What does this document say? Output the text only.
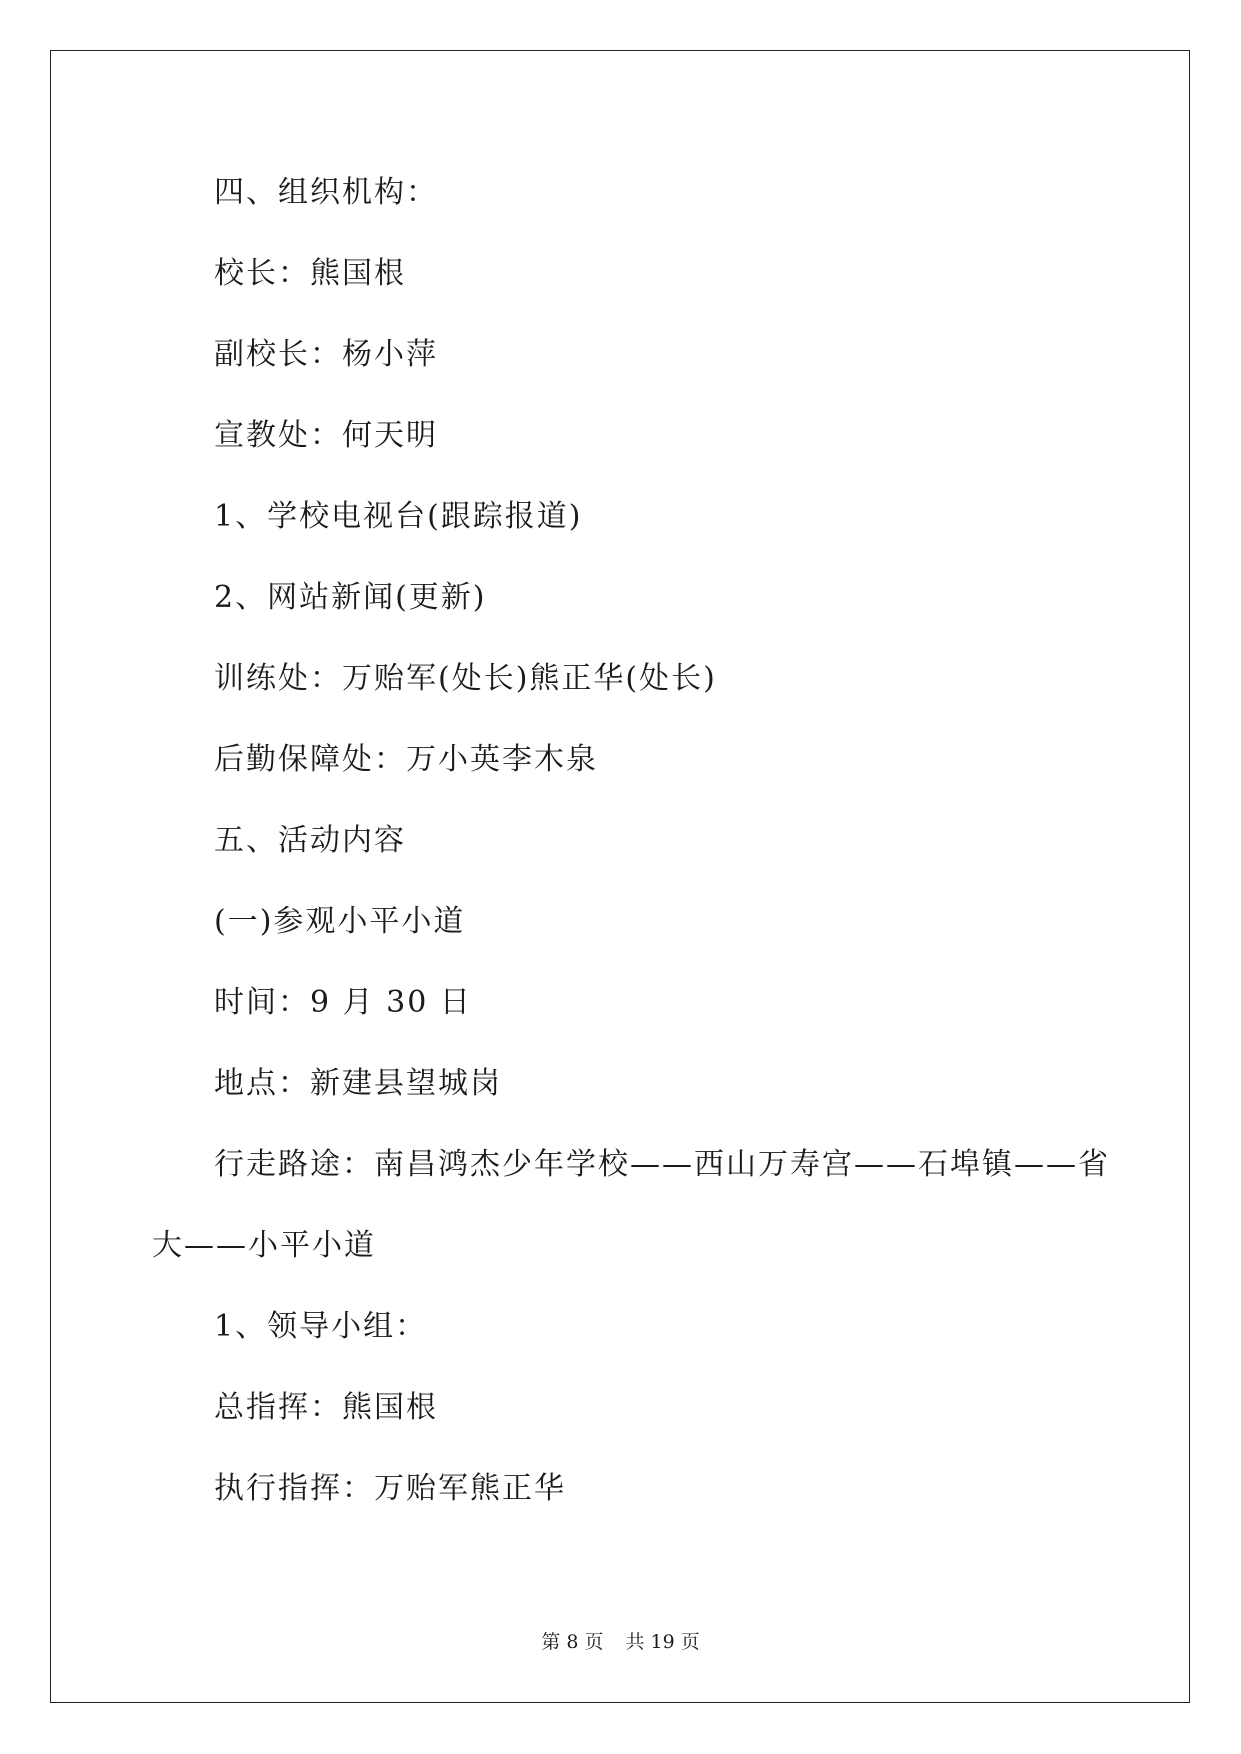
四、组织机构：
校长：熊国根
副校长：杨小萍
宣教处：何天明
1、学校电视台(跟踪报道)
2、网站新闻(更新)
训练处：万贻军(处长)熊正华(处长)
后勤保障处：万小英李木泉
五、活动内容
(一)参观小平小道
时间：9 月 30 日
地点：新建县望城岗
行走路途：南昌鸿杰少年学校——西山万寿宫——石埠镇——省
大——小平小道
1、领导小组：
总指挥：熊国根
执行指挥：万贻军熊正华
第 8 页 共 19 页
